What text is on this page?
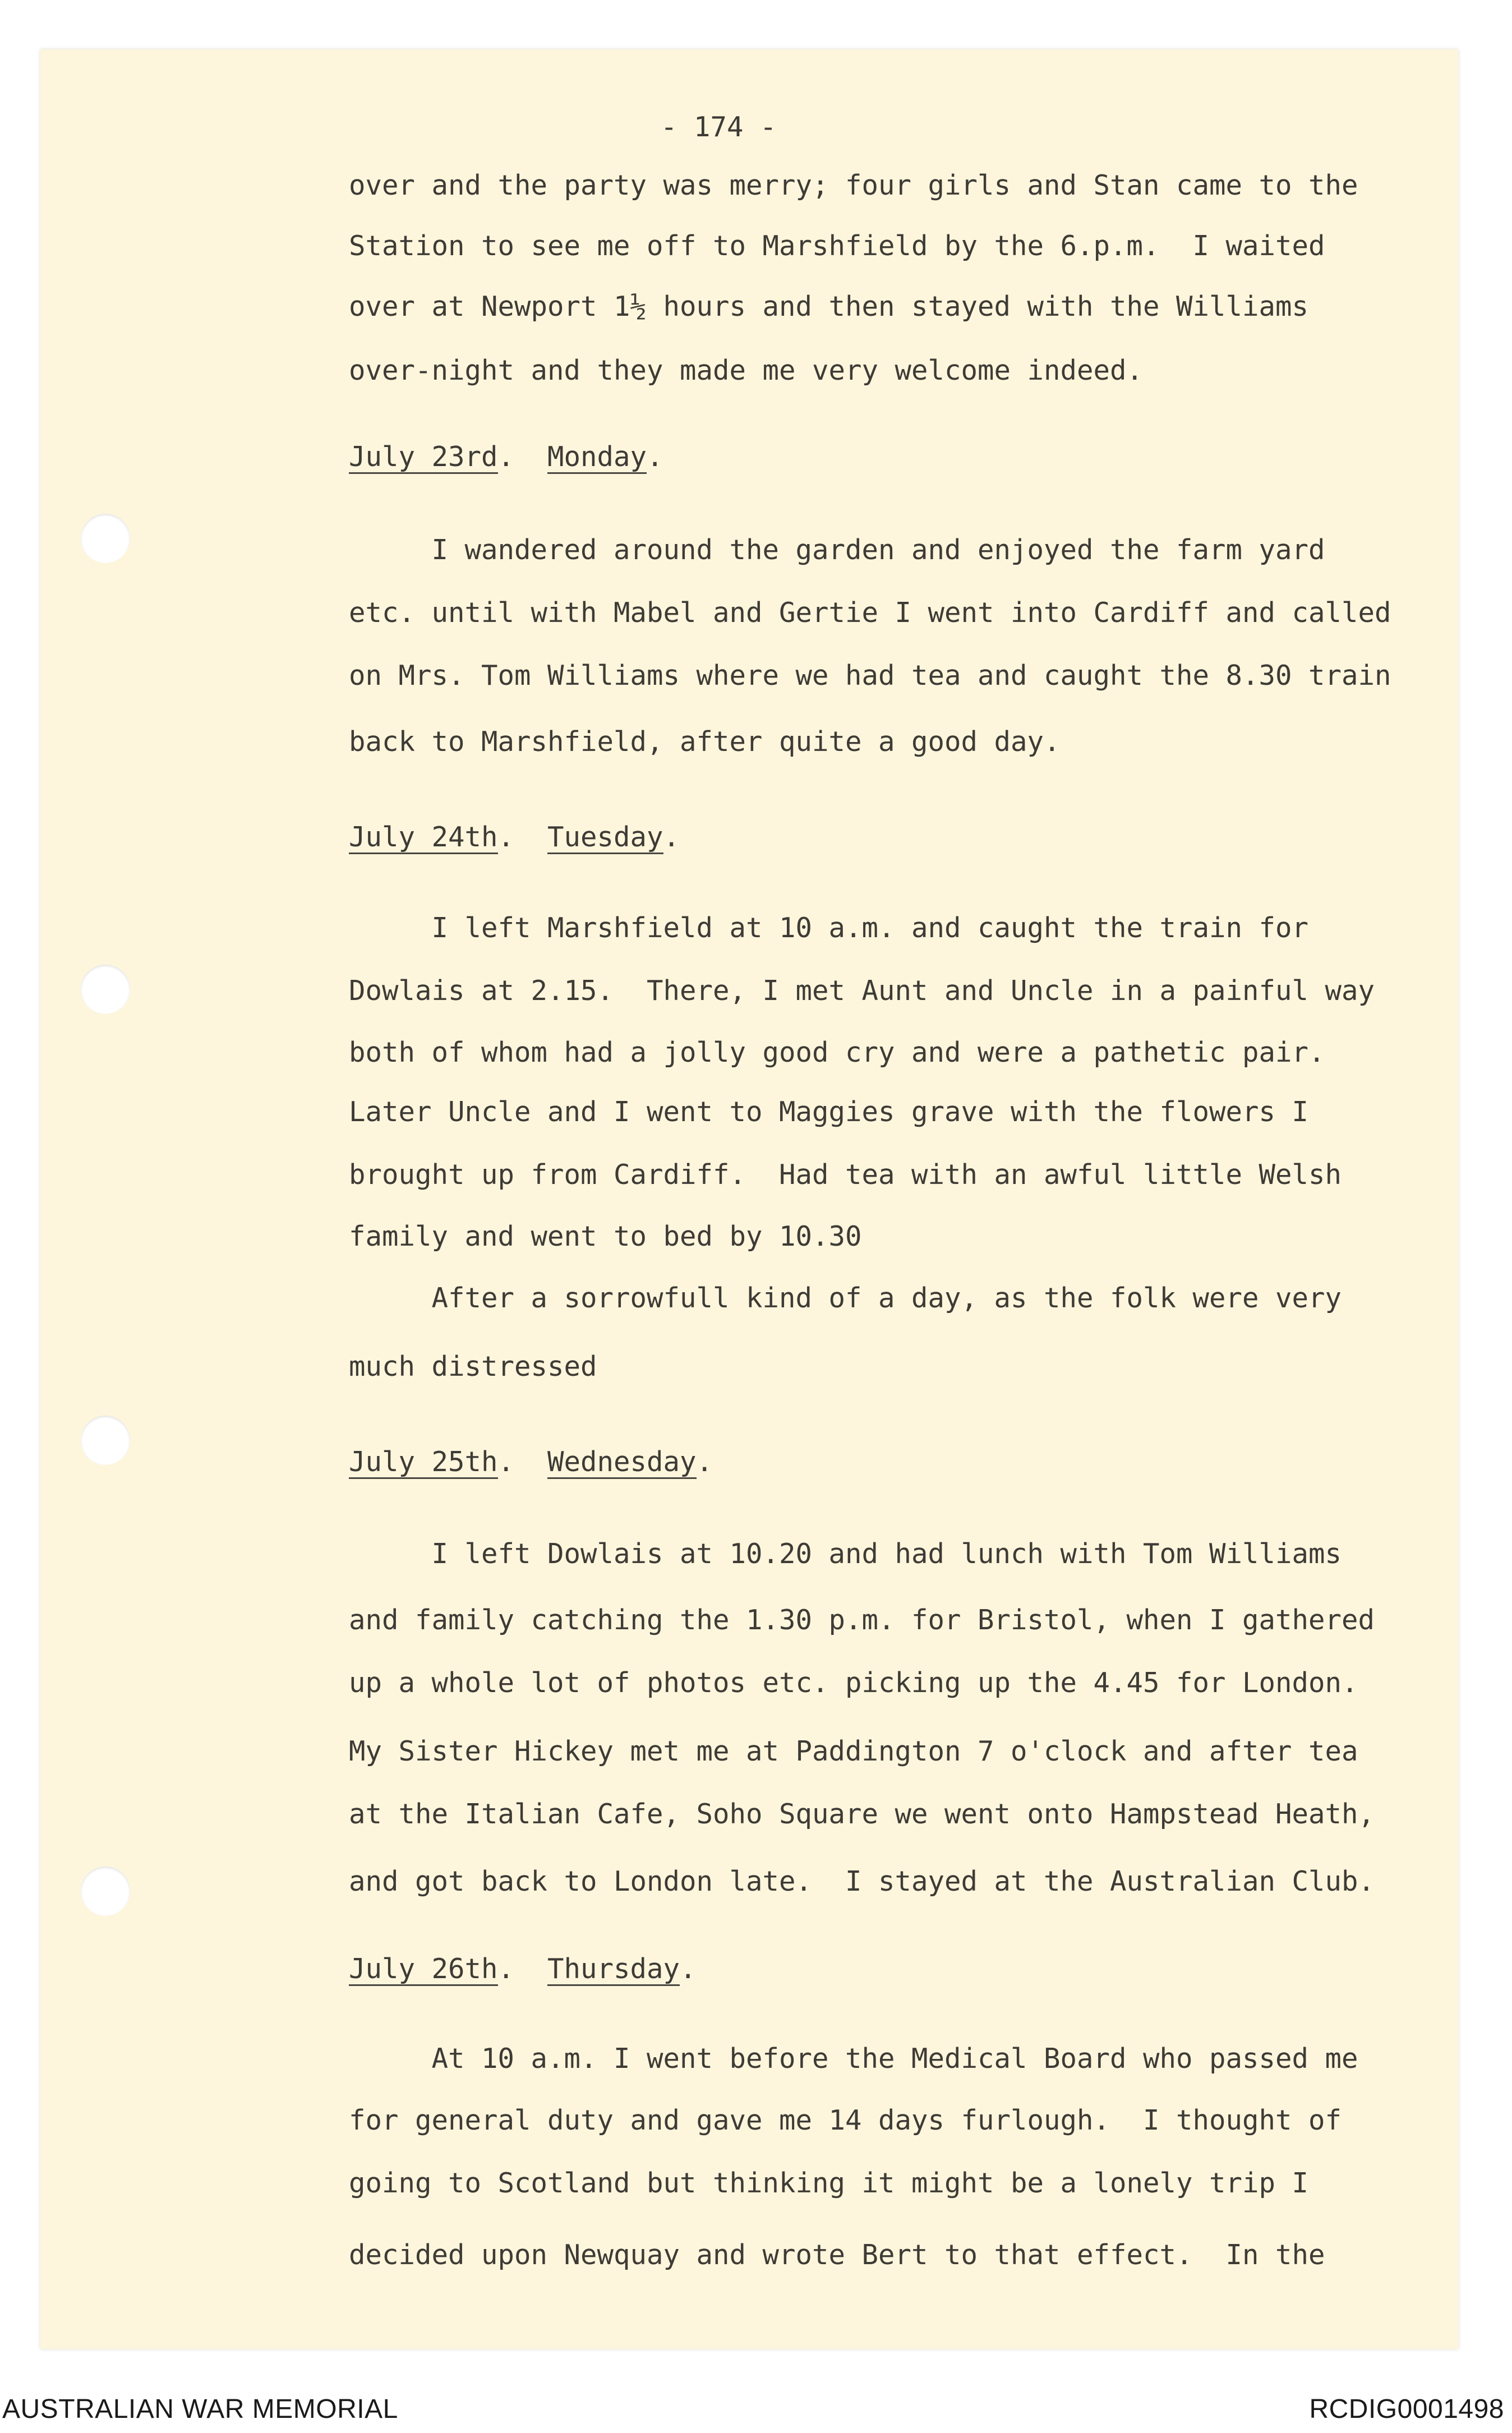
- 174 -
over and the party was merry; four girls and Stan came to the
Station to see me off to Marshfield by the 6.p.m.  I waited
over at Newport 1½ hours and then stayed with the Williams
over-night and they made me very welcome indeed.
July 23rd.  Monday.
I wandered around the garden and enjoyed the farm yard
etc. until with Mabel and Gertie I went into Cardiff and called
on Mrs. Tom Williams where we had tea and caught the 8.30 train
back to Marshfield, after quite a good day.
July 24th.  Tuesday.
I left Marshfield at 10 a.m. and caught the train for
Dowlais at 2.15.  There, I met Aunt and Uncle in a painful way
both of whom had a jolly good cry and were a pathetic pair.
Later Uncle and I went to Maggies grave with the flowers I
brought up from Cardiff.  Had tea with an awful little Welsh
family and went to bed by 10.30
After a sorrowfull kind of a day, as the folk were very
much distressed
July 25th.  Wednesday.
I left Dowlais at 10.20 and had lunch with Tom Williams
and family catching the 1.30 p.m. for Bristol, when I gathered
up a whole lot of photos etc. picking up the 4.45 for London.
My Sister Hickey met me at Paddington 7 o'clock and after tea
at the Italian Cafe, Soho Square we went onto Hampstead Heath,
and got back to London late.  I stayed at the Australian Club.
July 26th.  Thursday.
At 10 a.m. I went before the Medical Board who passed me
for general duty and gave me 14 days furlough.  I thought of
going to Scotland but thinking it might be a lonely trip I
decided upon Newquay and wrote Bert to that effect.  In the
AUSTRALIAN WAR MEMORIAL	RCDIG0001498
